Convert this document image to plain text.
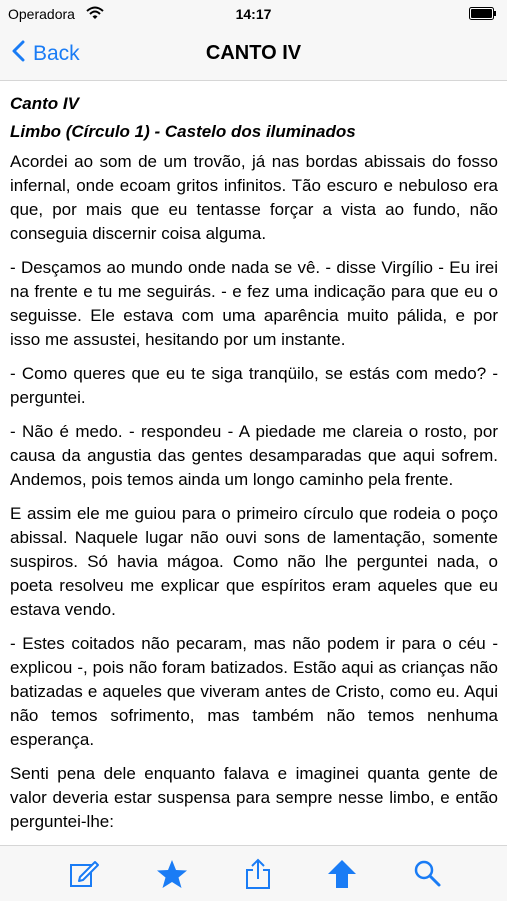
Operadora	14:17
Back	CANTO IV
Canto IV
Limbo (Círculo 1) - Castelo dos iluminados

Acordei ao som de um trovão, já nas bordas abissais do fosso infernal, onde ecoam gritos infinitos. Tão escuro e nebuloso era que, por mais que eu tentasse forçar a vista ao fundo, não conseguia discernir coisa alguma.

- Desçamos ao mundo onde nada se vê. - disse Virgílio - Eu irei na frente e tu me seguirás. - e fez uma indicação para que eu o seguisse. Ele estava com uma aparência muito pálida, e por isso me assustei, hesitando por um instante.

- Como queres que eu te siga tranqüilo, se estás com medo? - perguntei.

- Não é medo. - respondeu - A piedade me clareia o rosto, por causa da angustia das gentes desamparadas que aqui sofrem. Andemos, pois temos ainda um longo caminho pela frente.

E assim ele me guiou para o primeiro círculo que rodeia o poço abissal. Naquele lugar não ouvi sons de lamentação, somente suspiros. Só havia mágoa. Como não lhe perguntei nada, o poeta resolveu me explicar que espíritos eram aqueles que eu estava vendo.

- Estes coitados não pecaram, mas não podem ir para o céu - explicou -, pois não foram batizados. Estão aqui as crianças não batizadas e aqueles que viveram antes de Cristo, como eu. Aqui não temos sofrimento, mas também não temos nenhuma esperança.

Senti pena dele enquanto falava e imaginei quanta gente de valor deveria estar suspensa para sempre nesse limbo, e então perguntei-lhe:
